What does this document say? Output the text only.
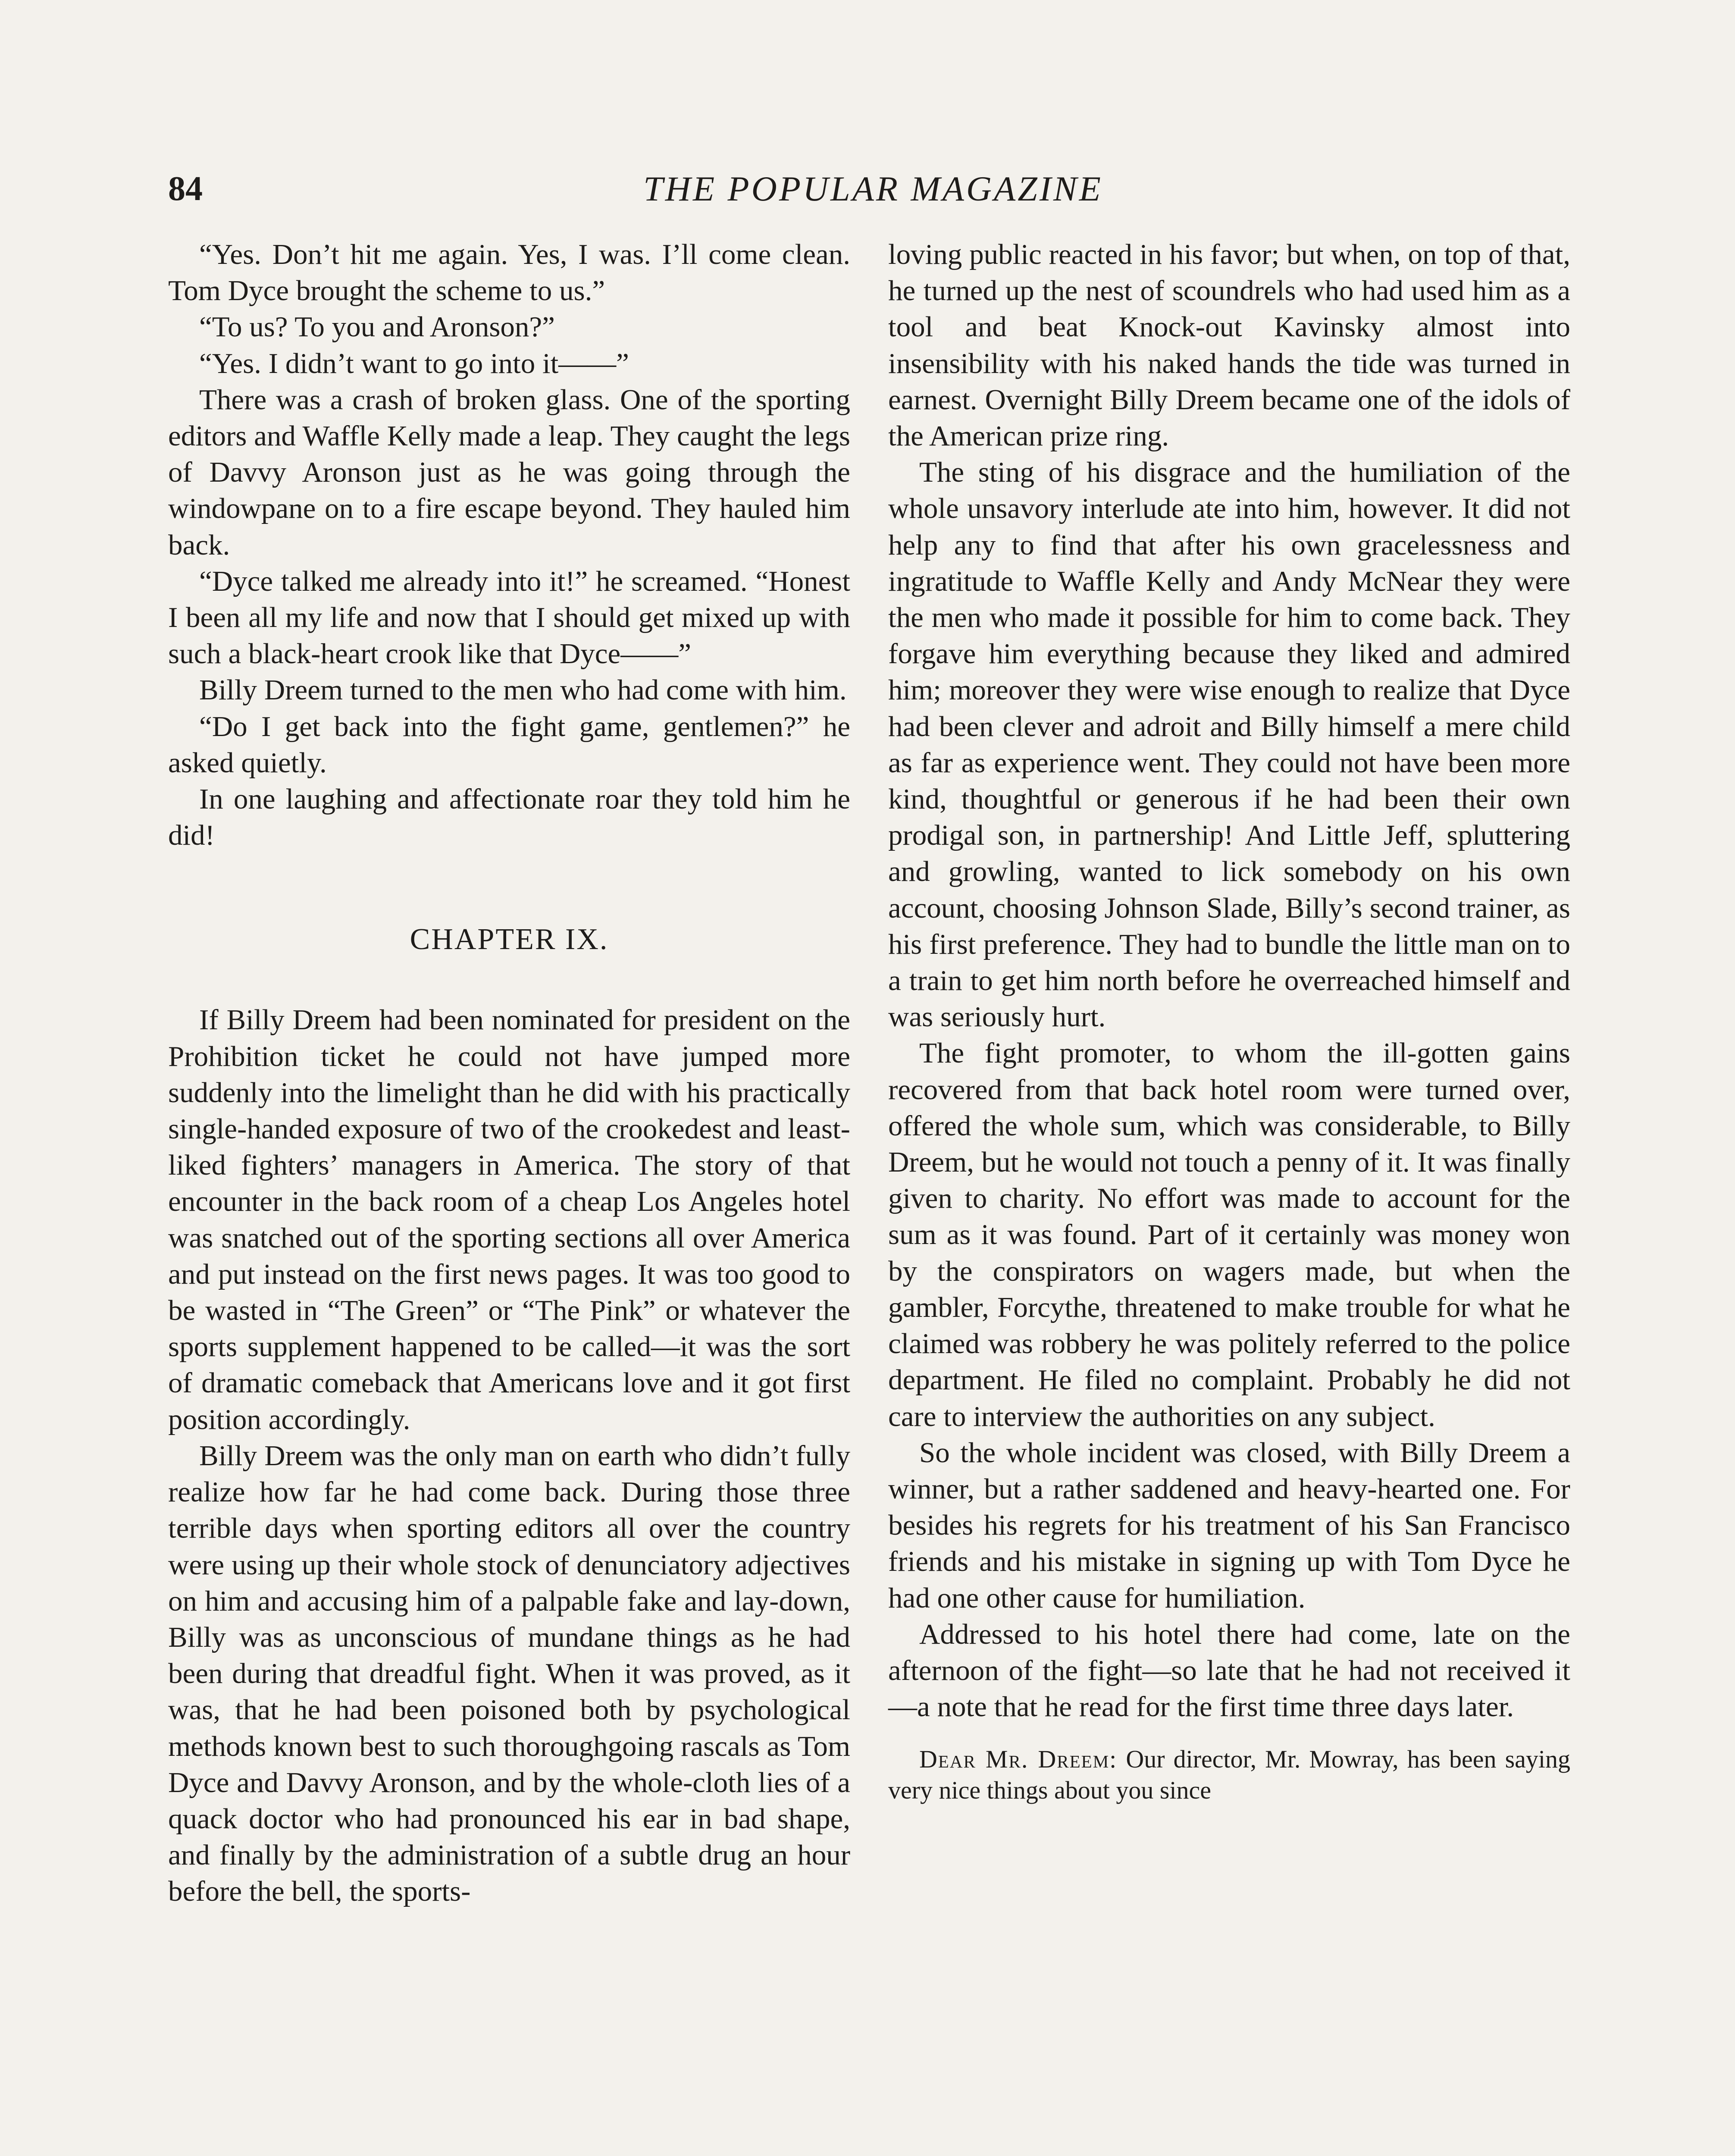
84	THE POPULAR MAGAZINE

“Yes. Don’t hit me again. Yes, I was. I’ll come clean. Tom Dyce brought the scheme to us.”

“To us? To you and Aronson?”

“Yes. I didn’t want to go into it——”

There was a crash of broken glass. One of the sporting editors and Waffle Kelly made a leap. They caught the legs of Davvy Aronson just as he was going through the windowpane on to a fire escape beyond. They hauled him back.

“Dyce talked me already into it!” he screamed. “Honest I been all my life and now that I should get mixed up with such a black-heart crook like that Dyce——”

Billy Dreem turned to the men who had come with him.

“Do I get back into the fight game, gentlemen?” he asked quietly.

In one laughing and affectionate roar they told him he did!

CHAPTER IX.

If Billy Dreem had been nominated for president on the Prohibition ticket he could not have jumped more suddenly into the limelight than he did with his practically single-handed exposure of two of the crookedest and least-liked fighters’ managers in America. The story of that encounter in the back room of a cheap Los Angeles hotel was snatched out of the sporting sections all over America and put instead on the first news pages. It was too good to be wasted in “The Green” or “The Pink” or whatever the sports supplement happened to be called—it was the sort of dramatic comeback that Americans love and it got first position accordingly.

Billy Dreem was the only man on earth who didn’t fully realize how far he had come back. During those three terrible days when sporting editors all over the country were using up their whole stock of denunciatory adjectives on him and accusing him of a palpable fake and lay-down, Billy was as unconscious of mundane things as he had been during that dreadful fight. When it was proved, as it was, that he had been poisoned both by psychological methods known best to such thoroughgoing rascals as Tom Dyce and Davvy Aronson, and by the whole-cloth lies of a quack doctor who had pronounced his ear in bad shape, and finally by the administration of a subtle drug an hour before the bell, the sports-

loving public reacted in his favor; but when, on top of that, he turned up the nest of scoundrels who had used him as a tool and beat Knock-out Kavinsky almost into insensibility with his naked hands the tide was turned in earnest. Overnight Billy Dreem became one of the idols of the American prize ring.

The sting of his disgrace and the humiliation of the whole unsavory interlude ate into him, however. It did not help any to find that after his own gracelessness and ingratitude to Waffle Kelly and Andy McNear they were the men who made it possible for him to come back. They forgave him everything because they liked and admired him; moreover they were wise enough to realize that Dyce had been clever and adroit and Billy himself a mere child as far as experience went. They could not have been more kind, thoughtful or generous if he had been their own prodigal son, in partnership! And Little Jeff, spluttering and growling, wanted to lick somebody on his own account, choosing Johnson Slade, Billy’s second trainer, as his first preference. They had to bundle the little man on to a train to get him north before he overreached himself and was seriously hurt.

The fight promoter, to whom the ill-gotten gains recovered from that back hotel room were turned over, offered the whole sum, which was considerable, to Billy Dreem, but he would not touch a penny of it. It was finally given to charity. No effort was made to account for the sum as it was found. Part of it certainly was money won by the conspirators on wagers made, but when the gambler, Forcythe, threatened to make trouble for what he claimed was robbery he was politely referred to the police department. He filed no complaint. Probably he did not care to interview the authorities on any subject.

So the whole incident was closed, with Billy Dreem a winner, but a rather saddened and heavy-hearted one. For besides his regrets for his treatment of his San Francisco friends and his mistake in signing up with Tom Dyce he had one other cause for humiliation.

Addressed to his hotel there had come, late on the afternoon of the fight—so late that he had not received it—a note that he read for the first time three days later.

Dear Mr. Dreem: Our director, Mr. Mowray, has been saying very nice things about you since
